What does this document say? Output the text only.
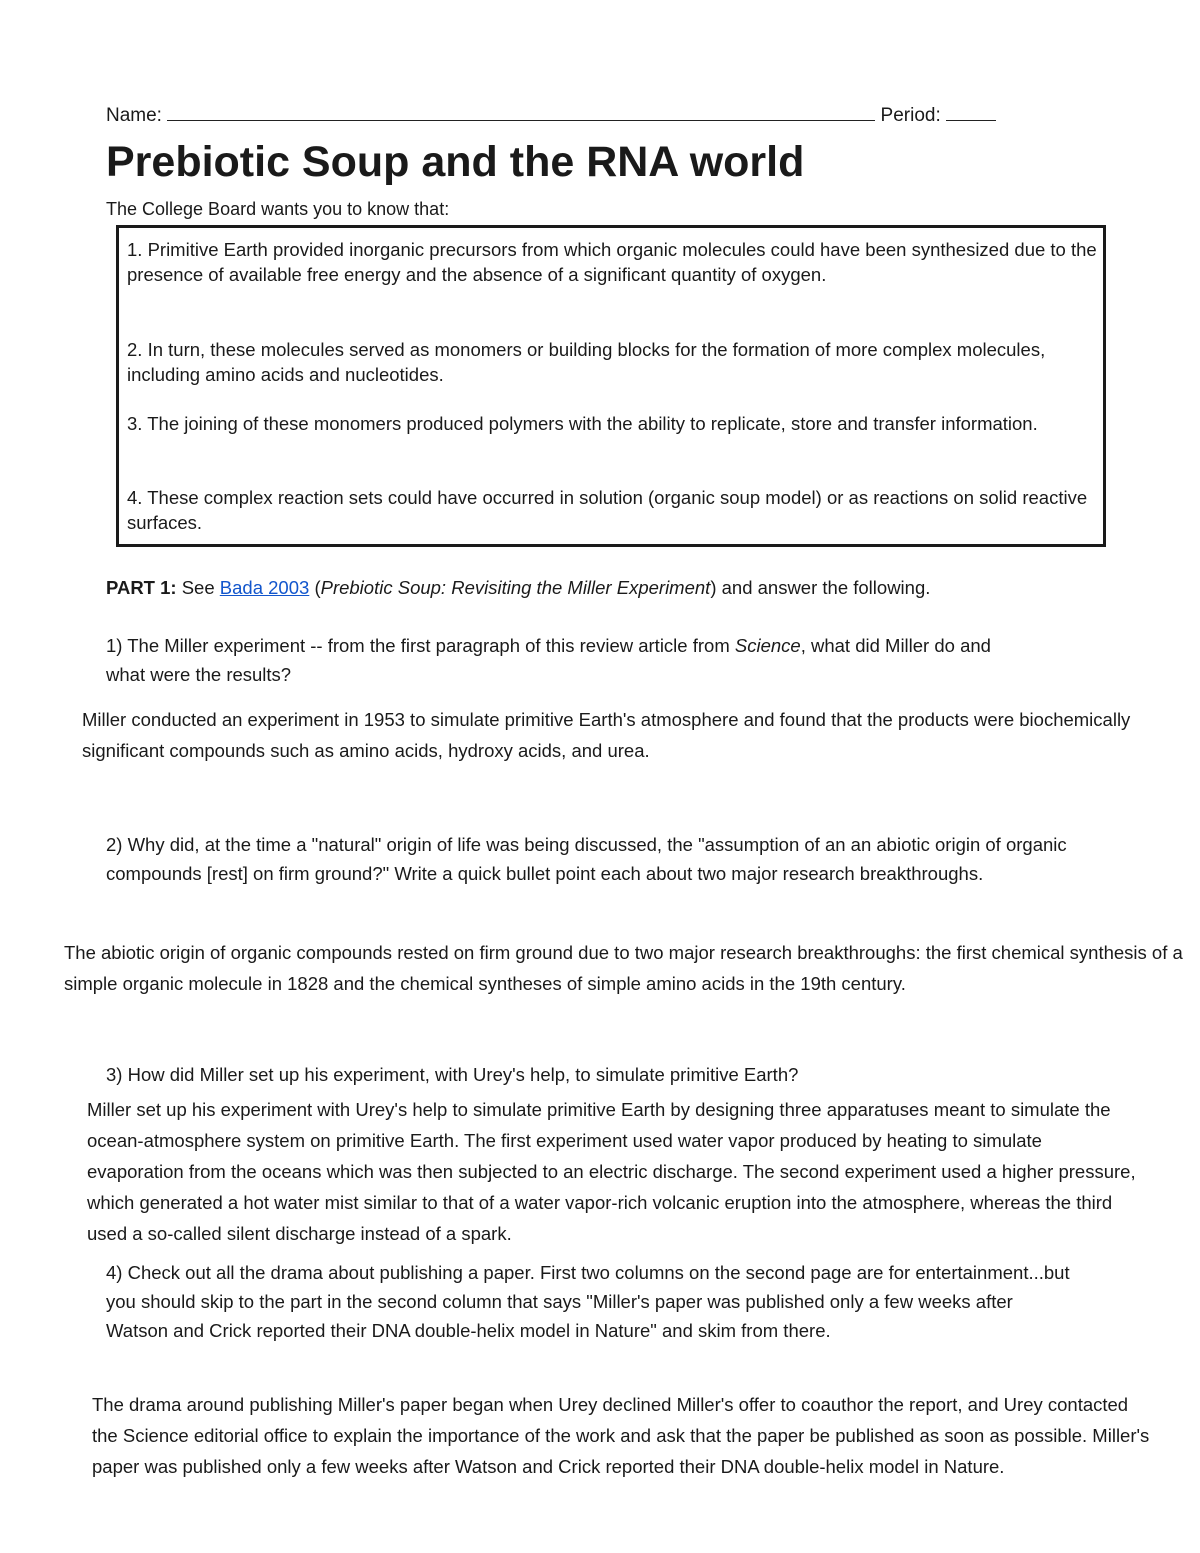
Name:	Period:
Prebiotic Soup and the RNA world
The College Board wants you to know that:
1. Primitive Earth provided inorganic precursors from which organic molecules could have been synthesized due to the presence of available free energy and the absence of a significant quantity of oxygen.
2. In turn, these molecules served as monomers or building blocks for the formation of more complex molecules, including amino acids and nucleotides.
3. The joining of these monomers produced polymers with the ability to replicate, store and transfer information.
4. These complex reaction sets could have occurred in solution (organic soup model) or as reactions on solid reactive surfaces.
PART 1: See Bada 2003 (Prebiotic Soup: Revisiting the Miller Experiment) and answer the following.
1) The Miller experiment -- from the first paragraph of this review article from Science, what did Miller do and what were the results?
Miller conducted an experiment in 1953 to simulate primitive Earth's atmosphere and found that the products were biochemically significant compounds such as amino acids, hydroxy acids, and urea.
2) Why did, at the time a "natural" origin of life was being discussed, the "assumption of an an abiotic origin of organic compounds [rest] on firm ground?" Write a quick bullet point each about two major research breakthroughs.
The abiotic origin of organic compounds rested on firm ground due to two major research breakthroughs: the first chemical synthesis of a simple organic molecule in 1828 and the chemical syntheses of simple amino acids in the 19th century.
3) How did Miller set up his experiment, with Urey's help, to simulate primitive Earth?
Miller set up his experiment with Urey's help to simulate primitive Earth by designing three apparatuses meant to simulate the ocean-atmosphere system on primitive Earth. The first experiment used water vapor produced by heating to simulate evaporation from the oceans which was then subjected to an electric discharge. The second experiment used a higher pressure, which generated a hot water mist similar to that of a water vapor-rich volcanic eruption into the atmosphere, whereas the third used a so-called silent discharge instead of a spark.
4) Check out all the drama about publishing a paper. First two columns on the second page are for entertainment...but you should skip to the part in the second column that says "Miller's paper was published only a few weeks after Watson and Crick reported their DNA double-helix model in Nature" and skim from there.
The drama around publishing Miller's paper began when Urey declined Miller's offer to coauthor the report, and Urey contacted the Science editorial office to explain the importance of the work and ask that the paper be published as soon as possible. Miller's paper was published only a few weeks after Watson and Crick reported their DNA double-helix model in Nature.
